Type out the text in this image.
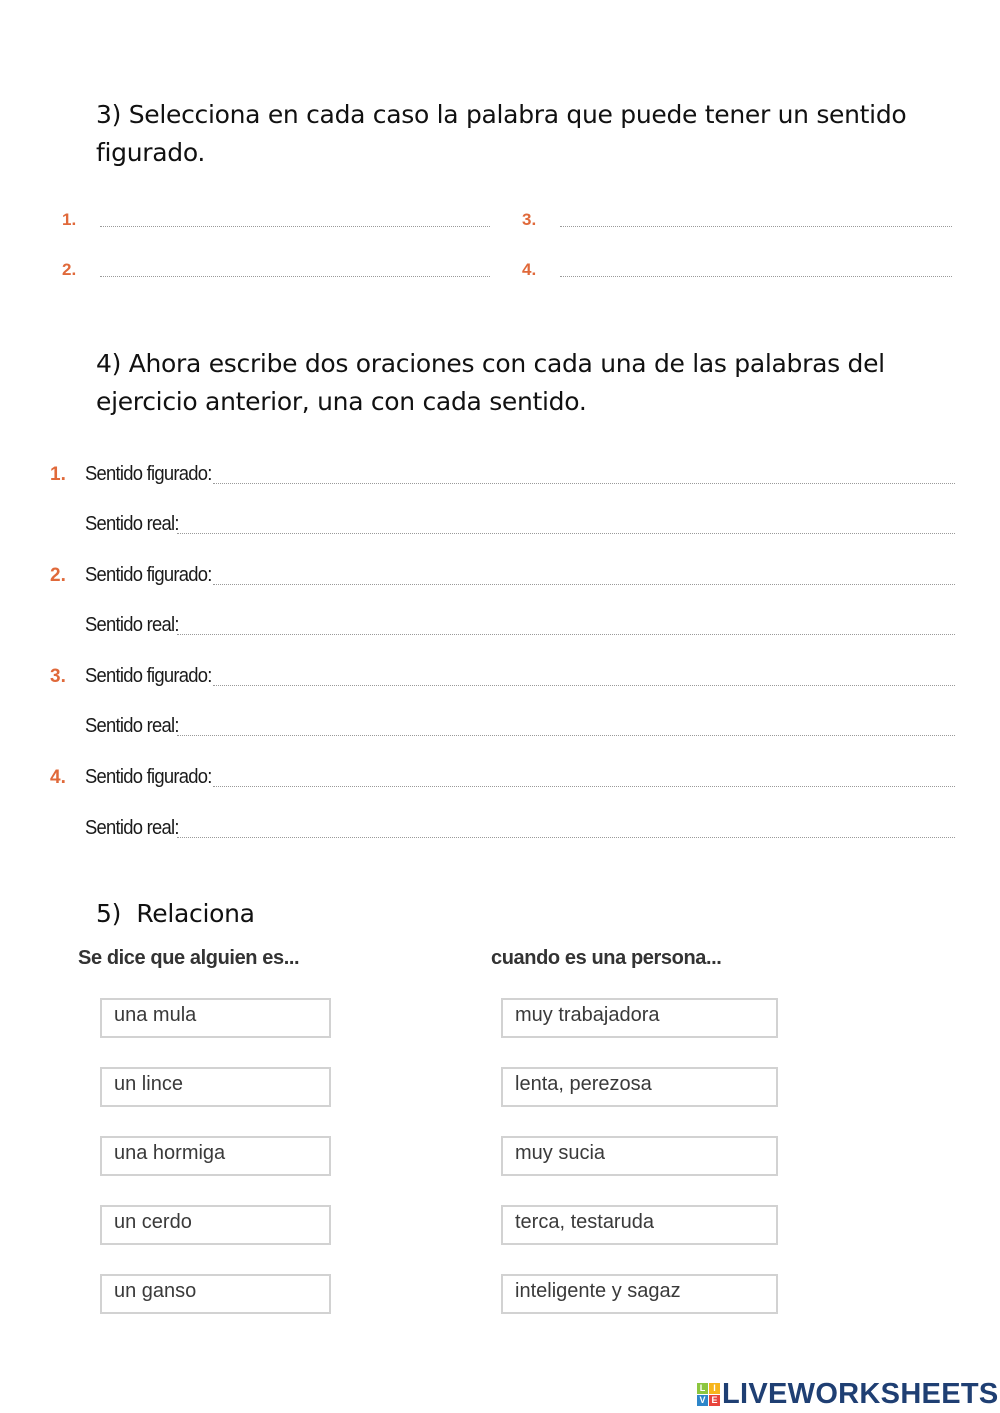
3) Selecciona en cada caso la palabra que puede tener un sentido
figurado.
1.
2.
3.
4.
4) Ahora escribe dos oraciones con cada una de las palabras del
ejercicio anterior, una con cada sentido.
1. Sentido figurado:
Sentido real:
2. Sentido figurado:
Sentido real:
3. Sentido figurado:
Sentido real:
4. Sentido figurado:
Sentido real:
5)  Relaciona
Se dice que alguien es...	cuando es una persona...
una mula
un lince
una hormiga
un cerdo
un ganso
muy trabajadora
lenta, perezosa
muy sucia
terca, testaruda
inteligente y sagaz
L I
V E LIVEWORKSHEETS
